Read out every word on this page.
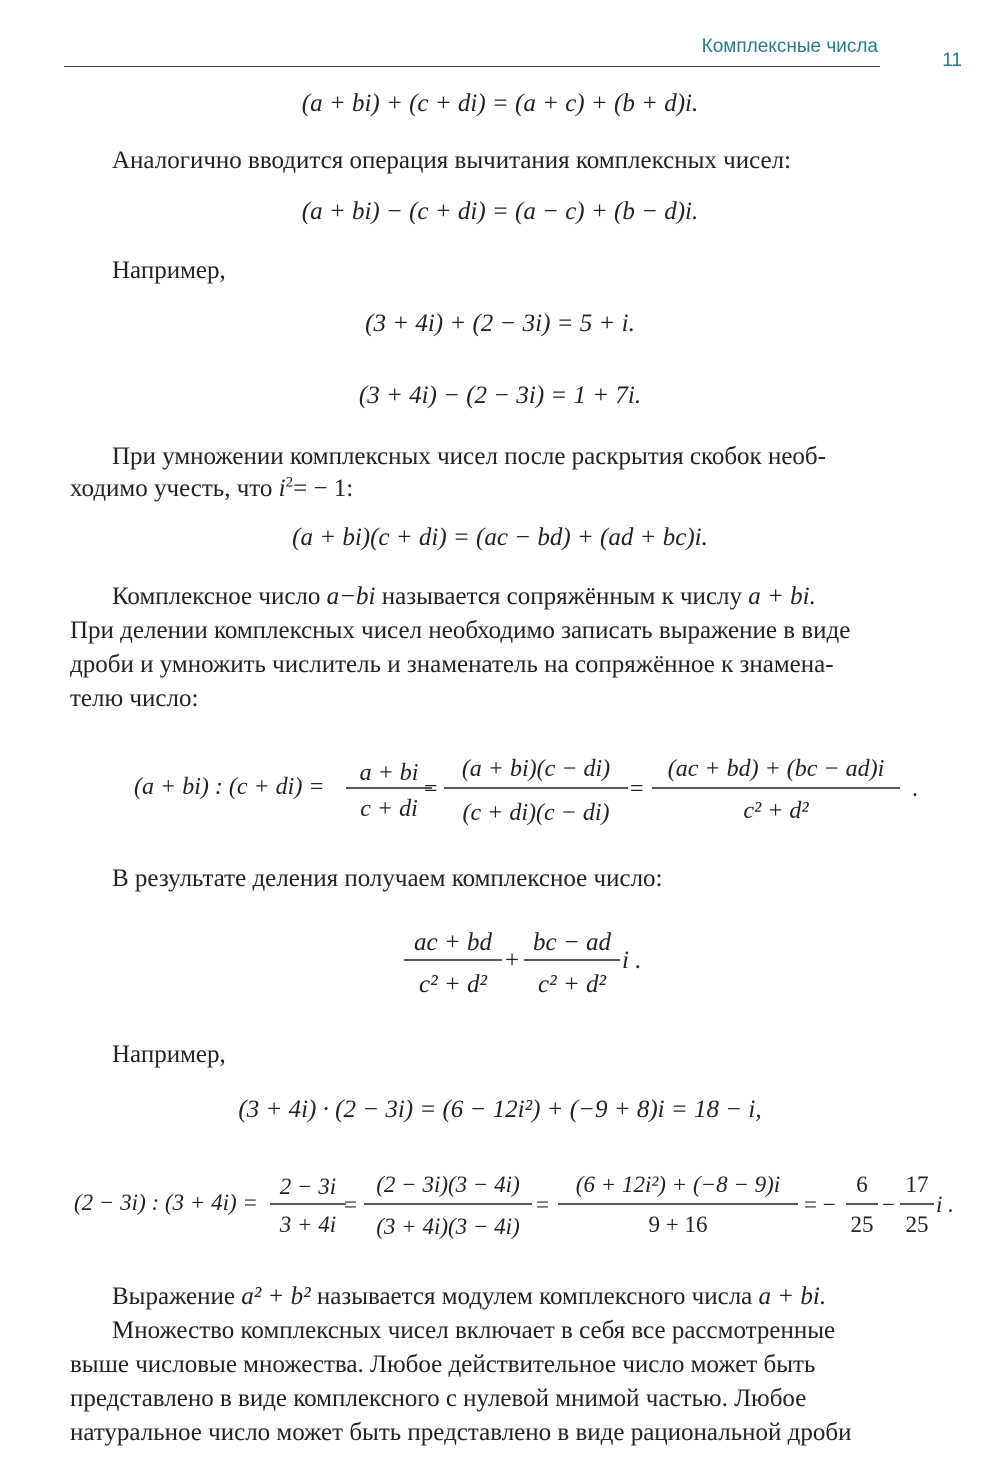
Комплексные числа
11
(a + bi) + (c + di) = (a + c) + (b + d)i.
Аналогично вводится операция вычитания комплексных чисел:
(a + bi) − (c + di) = (a − c) + (b − d)i.
Например,
(3 + 4i) + (2 − 3i) = 5 + i.
(3 + 4i) − (2 − 3i) = 1 + 7i.
При умножении комплексных чисел после раскрытия скобок необ-
ходимо учесть, что $i^2= - 1$:
(a + bi)(c + di) = (ac − bd) + (ad + bc)i.
Комплексное число a−bi называется сопряжённым к числу a + bi.
При делении комплексных чисел необходимо записать выражение в виде
дроби и умножить числитель и знаменатель на сопряжённое к знамена-
телю число:
(a + bi) : (c + di) =
a + bi
c + di
=
(a + bi)(c − di)
(c + di)(c − di)
=
(ac + bd) + (bc − ad)i
c² + d²
.
В результате деления получаем комплексное число:
ac + bd
c² + d²
+
bc − ad
c² + d²
i .
Например,
(3 + 4i) · (2 − 3i) = (6 − 12i²) + (−9 + 8)i = 18 − i,
(2 − 3i) : (3 + 4i) =
2 − 3i
3 + 4i
=
(2 − 3i)(3 − 4i)
(3 + 4i)(3 − 4i)
=
(6 + 12i²) + (−8 − 9)i
9 + 16
= −
6
25
−
17
25
i .
Выражение a² + b² называется модулем комплексного числа a + bi.
Множество комплексных чисел включает в себя все рассмотренные
выше числовые множества. Любое действительное число может быть
представлено в виде комплексного с нулевой мнимой частью. Любое
натуральное число может быть представлено в виде рациональной дроби
